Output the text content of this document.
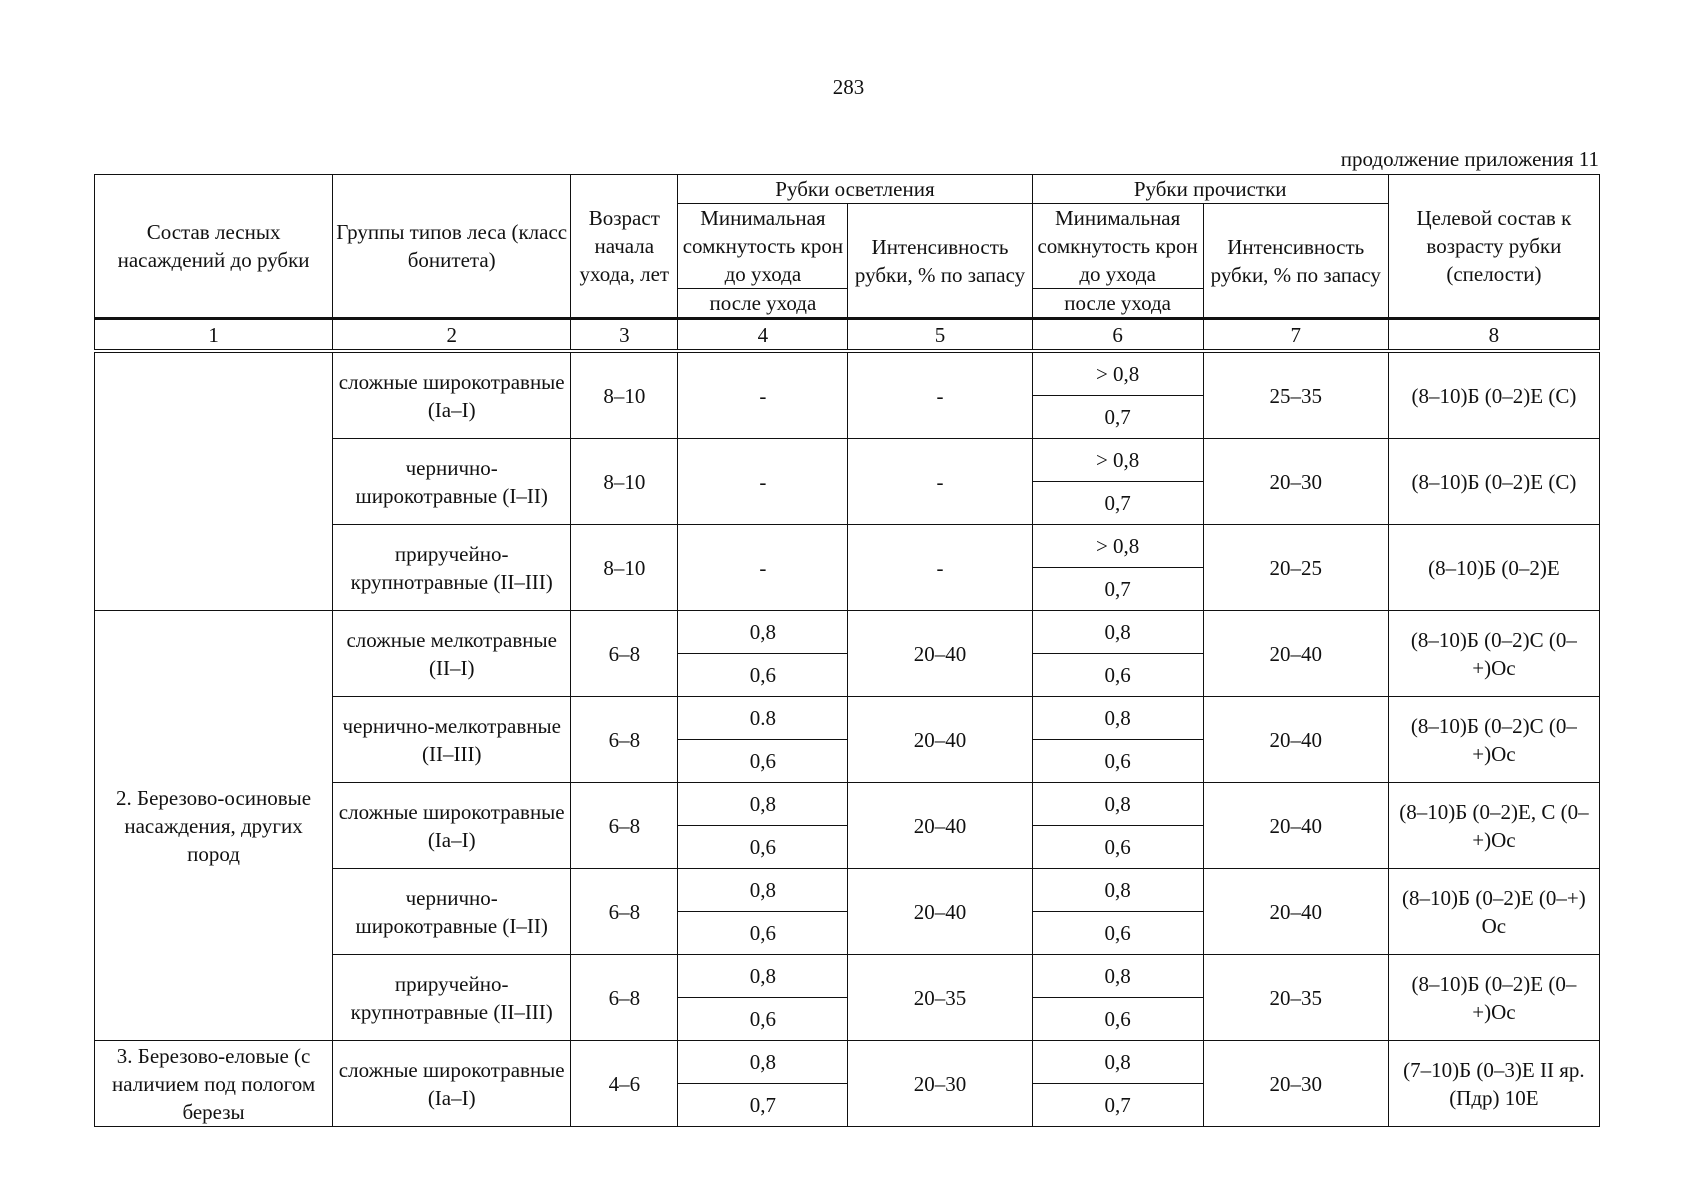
283
продолжение приложения 11
Состав лесных насаждений до рубки	Группы типов леса (класс бонитета)	Возраст начала ухода, лет	Рубки осветления		Рубки прочистки		Целевой состав к возрасту рубки (спелости)
			Минимальная сомкнутость крон до ухода	Интенсивность рубки, % по запасу	Минимальная сомкнутость крон до ухода	Интенсивность рубки, % по запасу	
			после ухода		после ухода		
1	2	3	4	5	6	7	8
	сложные широкотравные (Iа–I)	8–10	-	-	> 0,8	25–35	(8–10)Б (0–2)Е (С)
					0,7		
	чернично-широкотравные (I–II)	8–10	-	-	> 0,8	20–30	(8–10)Б (0–2)Е (С)
					0,7		
	приручейно-крупнотравные (II–III)	8–10	-	-	> 0,8	20–25	(8–10)Б (0–2)Е
					0,7		
2. Березово-осиновые насаждения, других пород	сложные мелкотравные (II–I)	6–8	0,8	20–40	0,8	20–40	(8–10)Б (0–2)С (0–+)Ос
			0,6		0,6		
	чернично-мелкотравные (II–III)	6–8	0.8	20–40	0,8	20–40	(8–10)Б (0–2)С (0–+)Ос
			0,6		0,6		
	сложные широкотравные (Iа–I)	6–8	0,8	20–40	0,8	20–40	(8–10)Б (0–2)Е, С (0–+)Ос
			0,6		0,6		
	чернично-широкотравные (I–II)	6–8	0,8	20–40	0,8	20–40	(8–10)Б (0–2)Е (0–+) Ос
			0,6		0,6		
	приручейно-крупнотравные (II–III)	6–8	0,8	20–35	0,8	20–35	(8–10)Б (0–2)Е (0–+)Ос
			0,6		0,6		
3. Березово-еловые (с наличием под пологом березы	сложные широкотравные (Iа–I)	4–6	0,8	20–30	0,8	20–30	(7–10)Б (0–3)Е II яр. (Пдр) 10Е
			0,7		0,7		
